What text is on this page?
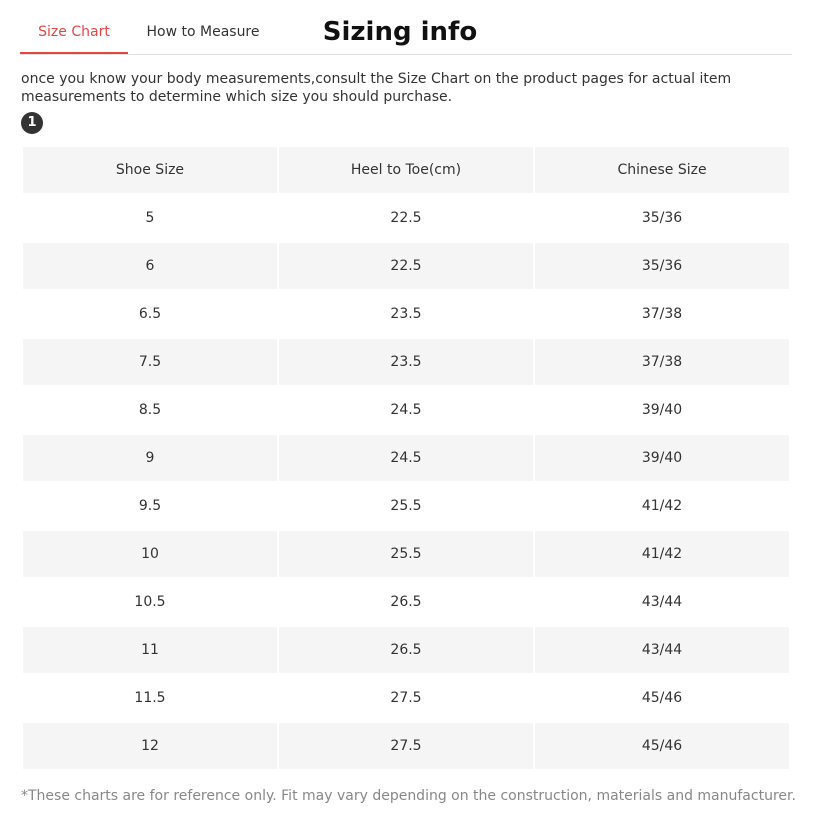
Size Chart	How to Measure	Sizing info

once you know your body measurements,consult the Size Chart on the product pages for actual item measurements to determine which size you should purchase.

1
Shoe Size	Heel to Toe(cm)	Chinese Size
5	22.5	35/36
6	22.5	35/36
6.5	23.5	37/38
7.5	23.5	37/38
8.5	24.5	39/40
9	24.5	39/40
9.5	25.5	41/42
10	25.5	41/42
10.5	26.5	43/44
11	26.5	43/44
11.5	27.5	45/46
12	27.5	45/46

*These charts are for reference only. Fit may vary depending on the construction, materials and manufacturer.
